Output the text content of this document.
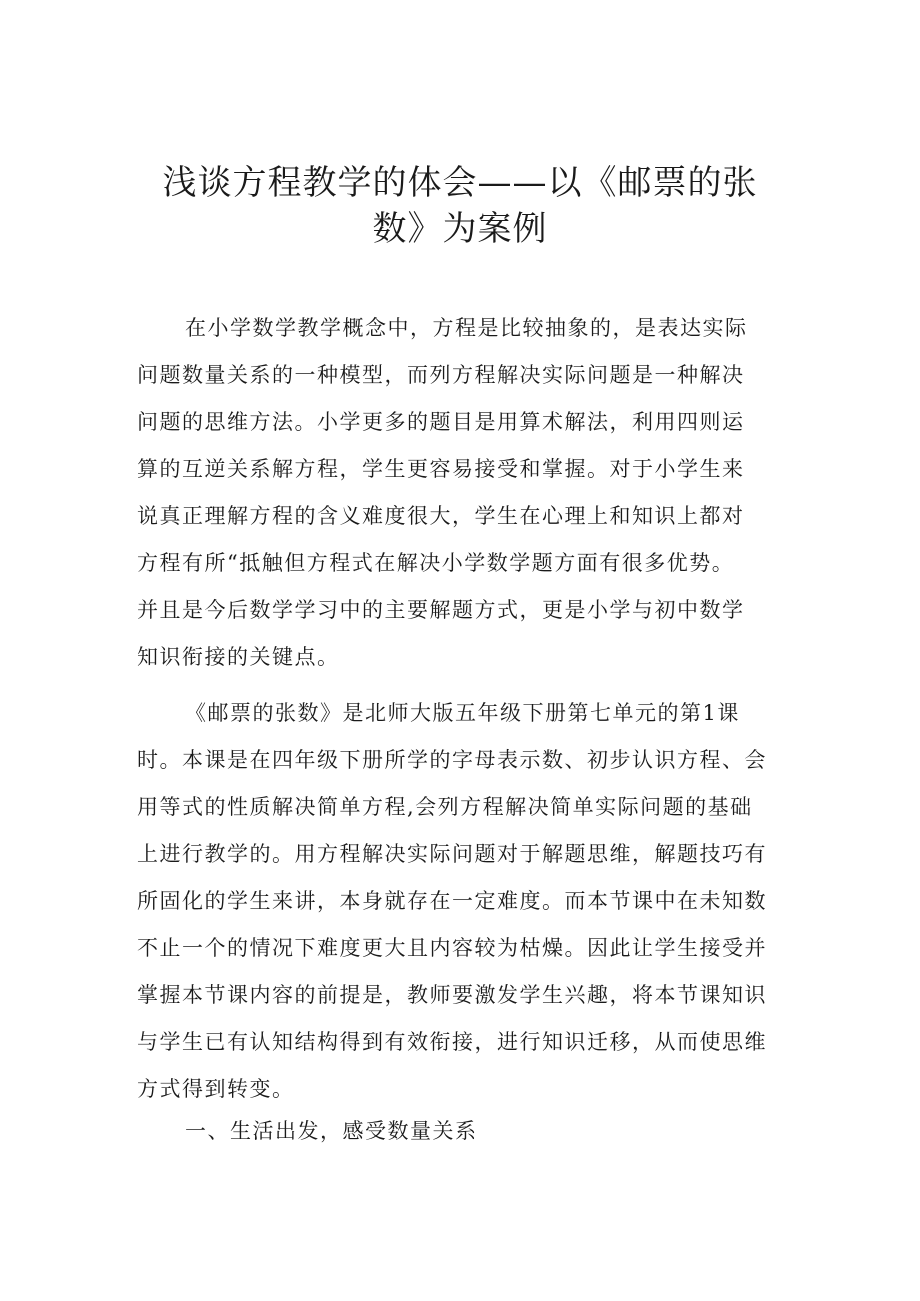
浅谈方程教学的体会——以《邮票的张
数》为案例
在小学数学教学概念中，方程是比较抽象的，是表达实际
问题数量关系的一种模型，而列方程解决实际问题是一种解决
问题的思维方法。小学更多的题目是用算术解法，利用四则运
算的互逆关系解方程，学生更容易接受和掌握。对于小学生来
说真正理解方程的含义难度很大，学生在心理上和知识上都对
方程有所“抵触但方程式在解决小学数学题方面有很多优势。
并且是今后数学学习中的主要解题方式，更是小学与初中数学
知识衔接的关键点。
《邮票的张数》是北师大版五年级下册第七单元的第1课
时。本课是在四年级下册所学的字母表示数、初步认识方程、会
用等式的性质解决简单方程,会列方程解决简单实际问题的基础
上进行教学的。用方程解决实际问题对于解题思维，解题技巧有
所固化的学生来讲，本身就存在一定难度。而本节课中在未知数
不止一个的情况下难度更大且内容较为枯燥。因此让学生接受并
掌握本节课内容的前提是，教师要激发学生兴趣，将本节课知识
与学生已有认知结构得到有效衔接，进行知识迁移，从而使思维
方式得到转变。
一、生活出发，感受数量关系
